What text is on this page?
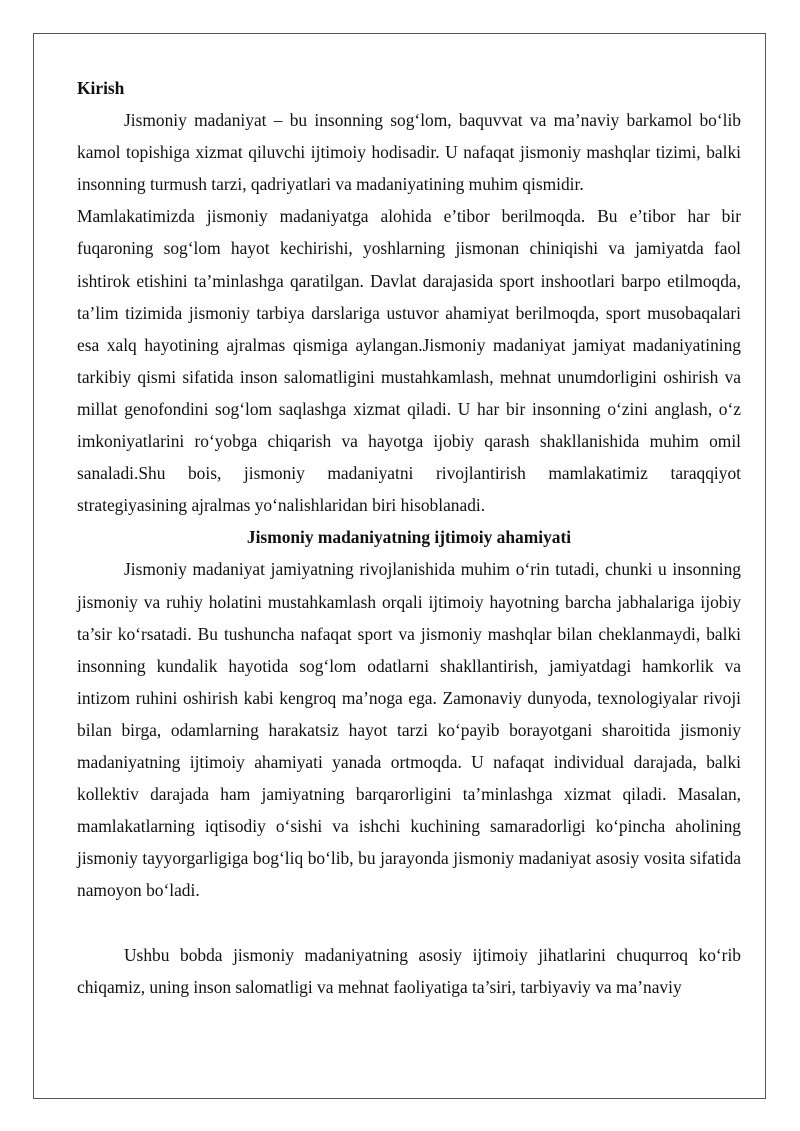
Kirish

Jismoniy madaniyat – bu insonning sog‘lom, baquvvat va ma’naviy barkamol bo‘lib kamol topishiga xizmat qiluvchi ijtimoiy hodisadir. U nafaqat jismoniy mashqlar tizimi, balki insonning turmush tarzi, qadriyatlari va madaniyatining muhim qismidir.

Mamlakatimizda jismoniy madaniyatga alohida e’tibor berilmoqda. Bu e’tibor har bir fuqaroning sog‘lom hayot kechirishi, yoshlarning jismonan chiniqishi va jamiyatda faol ishtirok etishini ta’minlashga qaratilgan. Davlat darajasida sport inshootlari barpo etilmoqda, ta’lim tizimida jismoniy tarbiya darslariga ustuvor ahamiyat berilmoqda, sport musobaqalari esa xalq hayotining ajralmas qismiga aylangan.Jismoniy madaniyat jamiyat madaniyatining tarkibiy qismi sifatida inson salomatligini mustahkamlash, mehnat unumdorligini oshirish va millat genofondini sog‘lom saqlashga xizmat qiladi. U har bir insonning o‘zini anglash, o‘z imkoniyatlarini ro‘yobga chiqarish va hayotga ijobiy qarash shakllanishida muhim omil sanaladi.Shu bois, jismoniy madaniyatni rivojlantirish mamlakatimiz taraqqiyot strategiyasining ajralmas yo‘nalishlaridan biri hisoblanadi.

Jismoniy madaniyatning ijtimoiy ahamiyati

Jismoniy madaniyat jamiyatning rivojlanishida muhim o‘rin tutadi, chunki u insonning jismoniy va ruhiy holatini mustahkamlash orqali ijtimoiy hayotning barcha jabhalariga ijobiy ta’sir ko‘rsatadi. Bu tushuncha nafaqat sport va jismoniy mashqlar bilan cheklanmaydi, balki insonning kundalik hayotida sog‘lom odatlarni shakllantirish, jamiyatdagi hamkorlik va intizom ruhini oshirish kabi kengroq ma’noga ega. Zamonaviy dunyoda, texnologiyalar rivoji bilan birga, odamlarning harakatsiz hayot tarzi ko‘payib borayotgani sharoitida jismoniy madaniyatning ijtimoiy ahamiyati yanada ortmoqda. U nafaqat individual darajada, balki kollektiv darajada ham jamiyatning barqarorligini ta’minlashga xizmat qiladi. Masalan, mamlakatlarning iqtisodiy o‘sishi va ishchi kuchining samaradorligi ko‘pincha aholining jismoniy tayyorgarligiga bog‘liq bo‘lib, bu jarayonda jismoniy madaniyat asosiy vosita sifatida namoyon bo‘ladi.

Ushbu bobda jismoniy madaniyatning asosiy ijtimoiy jihatlarini chuqurroq ko‘rib chiqamiz, uning inson salomatligi va mehnat faoliyatiga ta’siri, tarbiyaviy va ma’naviy
